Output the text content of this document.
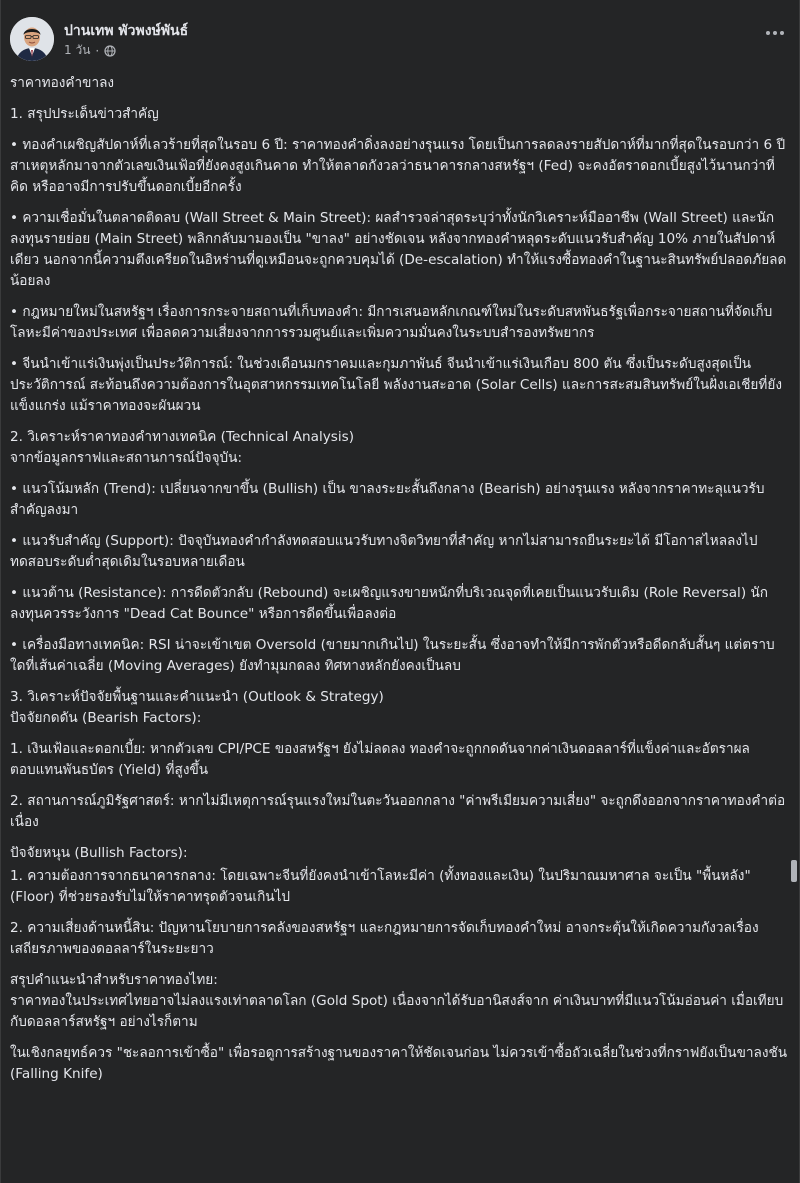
ปานเทพ พัวพงษ์พันธ์
1 วัน ·

ราคาทองคำขาลง

1. สรุปประเด็นข่าวสำคัญ

• ทองคำเผชิญสัปดาห์ที่เลวร้ายที่สุดในรอบ 6 ปี: ราคาทองคำดิ่งลงอย่างรุนแรง โดยเป็นการลดลงรายสัปดาห์ที่มากที่สุดในรอบกว่า 6 ปี สาเหตุหลักมาจากตัวเลขเงินเฟ้อที่ยังคงสูงเกินคาด ทำให้ตลาดกังวลว่าธนาคารกลางสหรัฐฯ (Fed) จะคงอัตราดอกเบี้ยสูงไว้นานกว่าที่คิด หรืออาจมีการปรับขึ้นดอกเบี้ยอีกครั้ง

• ความเชื่อมั่นในตลาดติดลบ (Wall Street & Main Street): ผลสำรวจล่าสุดระบุว่าทั้งนักวิเคราะห์มืออาชีพ (Wall Street) และนักลงทุนรายย่อย (Main Street) พลิกกลับมามองเป็น "ขาลง" อย่างชัดเจน หลังจากทองคำหลุดระดับแนวรับสำคัญ 10% ภายในสัปดาห์เดียว นอกจากนี้ความตึงเครียดในอิหร่านที่ดูเหมือนจะถูกควบคุมได้ (De-escalation) ทำให้แรงซื้อทองคำในฐานะสินทรัพย์ปลอดภัยลดน้อยลง

• กฎหมายใหม่ในสหรัฐฯ เรื่องการกระจายสถานที่เก็บทองคำ: มีการเสนอหลักเกณฑ์ใหม่ในระดับสหพันธรัฐเพื่อกระจายสถานที่จัดเก็บโลหะมีค่าของประเทศ เพื่อลดความเสี่ยงจากการรวมศูนย์และเพิ่มความมั่นคงในระบบสำรองทรัพยากร

• จีนนำเข้าแร่เงินพุ่งเป็นประวัติการณ์: ในช่วงเดือนมกราคมและกุมภาพันธ์ จีนนำเข้าแร่เงินเกือบ 800 ตัน ซึ่งเป็นระดับสูงสุดเป็นประวัติการณ์ สะท้อนถึงความต้องการในอุตสาหกรรมเทคโนโลยี พลังงานสะอาด (Solar Cells) และการสะสมสินทรัพย์ในฝั่งเอเชียที่ยังแข็งแกร่ง แม้ราคาทองจะผันผวน

2. วิเคราะห์ราคาทองคำทางเทคนิค (Technical Analysis)

จากข้อมูลกราฟและสถานการณ์ปัจจุบัน:

• แนวโน้มหลัก (Trend): เปลี่ยนจากขาขึ้น (Bullish) เป็น ขาลงระยะสั้นถึงกลาง (Bearish) อย่างรุนแรง หลังจากราคาทะลุแนวรับสำคัญลงมา

• แนวรับสำคัญ (Support): ปัจจุบันทองคำกำลังทดสอบแนวรับทางจิตวิทยาที่สำคัญ หากไม่สามารถยืนระยะได้ มีโอกาสไหลลงไปทดสอบระดับต่ำสุดเดิมในรอบหลายเดือน

• แนวต้าน (Resistance): การดีดตัวกลับ (Rebound) จะเผชิญแรงขายหนักที่บริเวณจุดที่เคยเป็นแนวรับเดิม (Role Reversal) นักลงทุนควรระวังการ "Dead Cat Bounce" หรือการดีดขึ้นเพื่อลงต่อ

• เครื่องมือทางเทคนิค: RSI น่าจะเข้าเขต Oversold (ขายมากเกินไป) ในระยะสั้น ซึ่งอาจทำให้มีการพักตัวหรือดีดกลับสั้นๆ แต่ตราบใดที่เส้นค่าเฉลี่ย (Moving Averages) ยังทำมุมกดลง ทิศทางหลักยังคงเป็นลบ

3. วิเคราะห์ปัจจัยพื้นฐานและคำแนะนำ (Outlook & Strategy)

ปัจจัยกดดัน (Bearish Factors):

1. เงินเฟ้อและดอกเบี้ย: หากตัวเลข CPI/PCE ของสหรัฐฯ ยังไม่ลดลง ทองคำจะถูกกดดันจากค่าเงินดอลลาร์ที่แข็งค่าและอัตราผลตอบแทนพันธบัตร (Yield) ที่สูงขึ้น

2. สถานการณ์ภูมิรัฐศาสตร์: หากไม่มีเหตุการณ์รุนแรงใหม่ในตะวันออกกลาง "ค่าพรีเมียมความเสี่ยง" จะถูกดึงออกจากราคาทองคำต่อเนื่อง

ปัจจัยหนุน (Bullish Factors):

1. ความต้องการจากธนาคารกลาง: โดยเฉพาะจีนที่ยังคงนำเข้าโลหะมีค่า (ทั้งทองและเงิน) ในปริมาณมหาศาล จะเป็น "พื้นหลัง" (Floor) ที่ช่วยรองรับไม่ให้ราคาทรุดตัวจนเกินไป

2. ความเสี่ยงด้านหนี้สิน: ปัญหานโยบายการคลังของสหรัฐฯ และกฎหมายการจัดเก็บทองคำใหม่ อาจกระตุ้นให้เกิดความกังวลเรื่องเสถียรภาพของดอลลาร์ในระยะยาว

สรุปคำแนะนำสำหรับราคาทองไทย:

ราคาทองในประเทศไทยอาจไม่ลงแรงเท่าตลาดโลก (Gold Spot) เนื่องจากได้รับอานิสงส์จาก ค่าเงินบาทที่มีแนวโน้มอ่อนค่า เมื่อเทียบกับดอลลาร์สหรัฐฯ อย่างไรก็ตาม

ในเชิงกลยุทธ์ควร "ชะลอการเข้าซื้อ" เพื่อรอดูการสร้างฐานของราคาให้ชัดเจนก่อน ไม่ควรเข้าซื้อถัวเฉลี่ยในช่วงที่กราฟยังเป็นขาลงชัน (Falling Knife)
